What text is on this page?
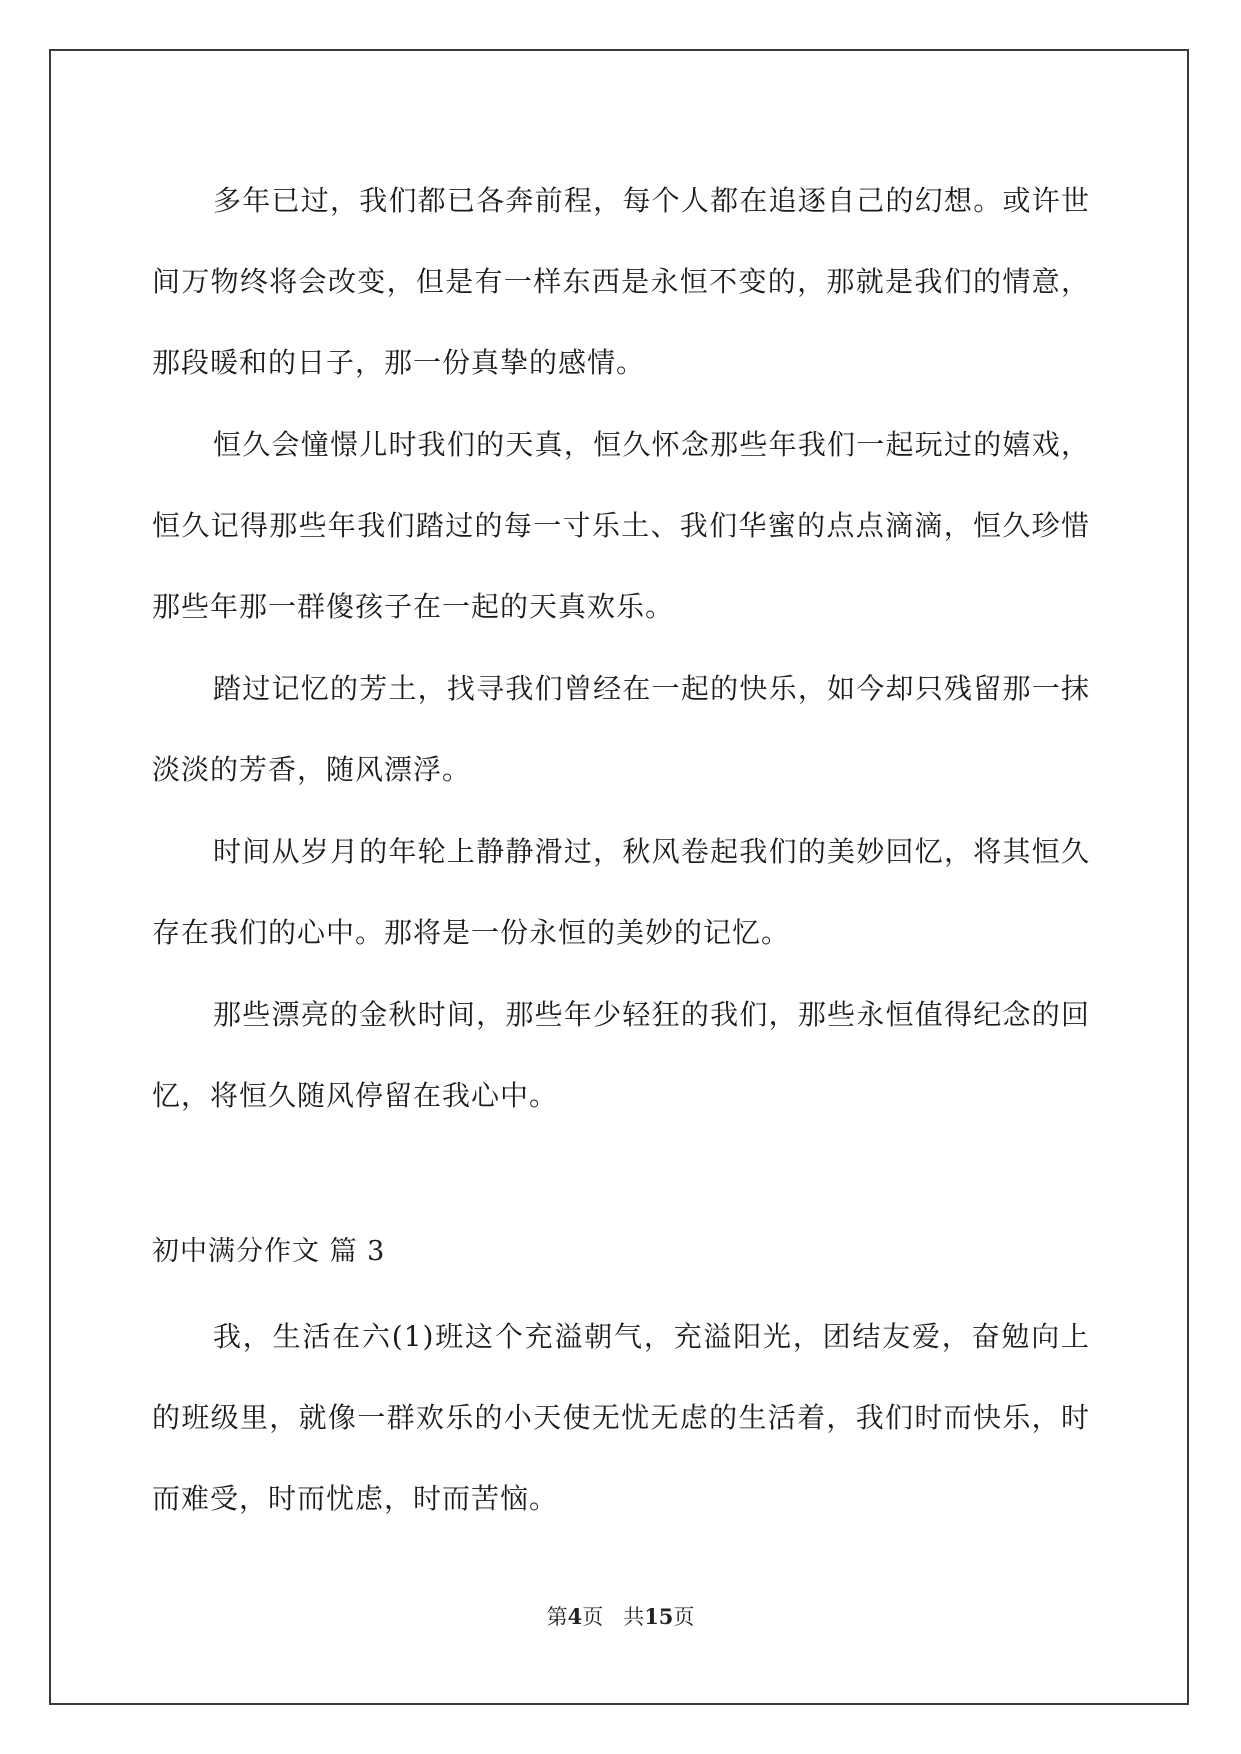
多年已过，我们都已各奔前程，每个人都在追逐自己的幻想。或许世间万物终将会改变，但是有一样东西是永恒不变的，那就是我们的情意，那段暖和的日子，那一份真挚的感情。

恒久会憧憬儿时我们的天真，恒久怀念那些年我们一起玩过的嬉戏，恒久记得那些年我们踏过的每一寸乐土、我们华蜜的点点滴滴，恒久珍惜那些年那一群傻孩子在一起的天真欢乐。

踏过记忆的芳土，找寻我们曾经在一起的快乐，如今却只残留那一抹淡淡的芳香，随风漂浮。

时间从岁月的年轮上静静滑过，秋风卷起我们的美妙回忆，将其恒久存在我们的心中。那将是一份永恒的美妙的记忆。

那些漂亮的金秋时间，那些年少轻狂的我们，那些永恒值得纪念的回忆，将恒久随风停留在我心中。

初中满分作文 篇 3

我，生活在六(1)班这个充溢朝气，充溢阳光，团结友爱，奋勉向上的班级里，就像一群欢乐的小天使无忧无虑的生活着，我们时而快乐，时而难受，时而忧虑，时而苦恼。

第4页 共15页
